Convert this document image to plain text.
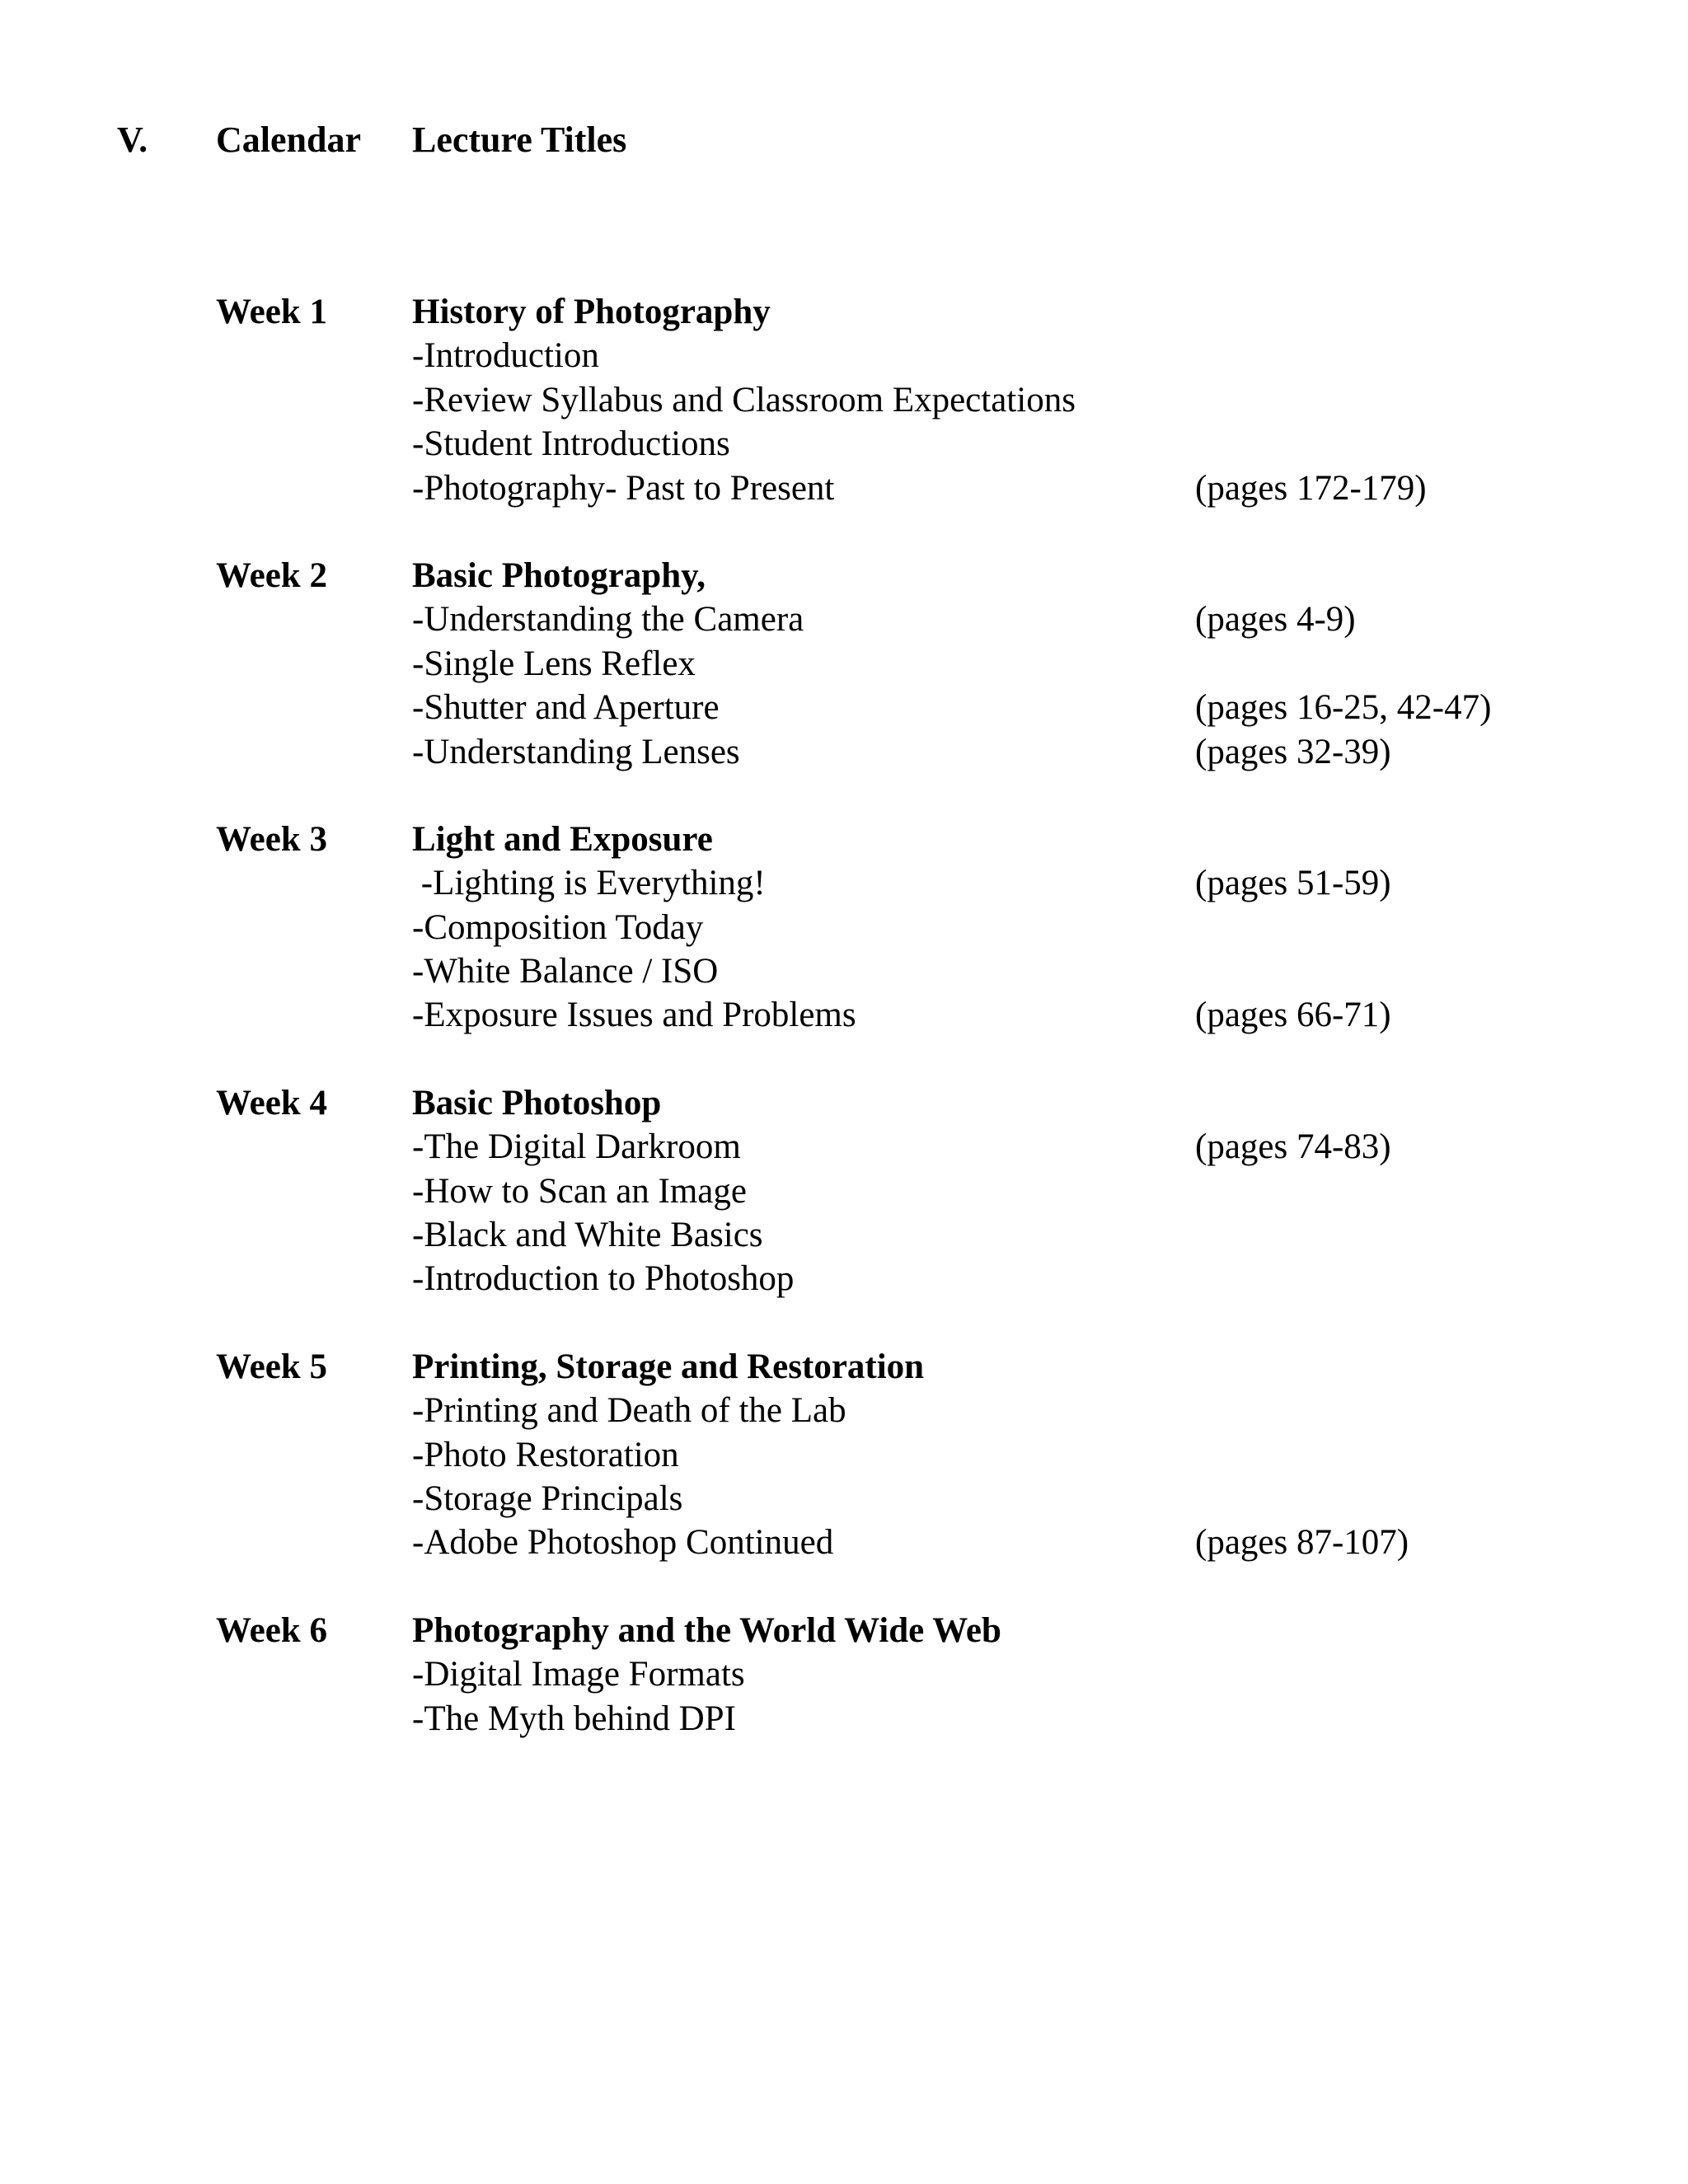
V. Calendar Lecture Titles
Week 1 History of Photography
-Introduction
-Review Syllabus and Classroom Expectations
-Student Introductions
-Photography- Past to Present	(pages 172-179)
Week 2 Basic Photography,
-Understanding the Camera	(pages 4-9)
-Single Lens Reflex
-Shutter and Aperture	(pages 16-25, 42-47)
-Understanding Lenses	(pages 32-39)
Week 3 Light and Exposure
-Lighting is Everything!	(pages 51-59)
-Composition Today
-White Balance / ISO
-Exposure Issues and Problems	(pages 66-71)
Week 4 Basic Photoshop
-The Digital Darkroom	(pages 74-83)
-How to Scan an Image
-Black and White Basics
-Introduction to Photoshop
Week 5 Printing, Storage and Restoration
-Printing and Death of the Lab
-Photo Restoration
-Storage Principals
-Adobe Photoshop Continued	(pages 87-107)
Week 6 Photography and the World Wide Web
-Digital Image Formats
-The Myth behind DPI
